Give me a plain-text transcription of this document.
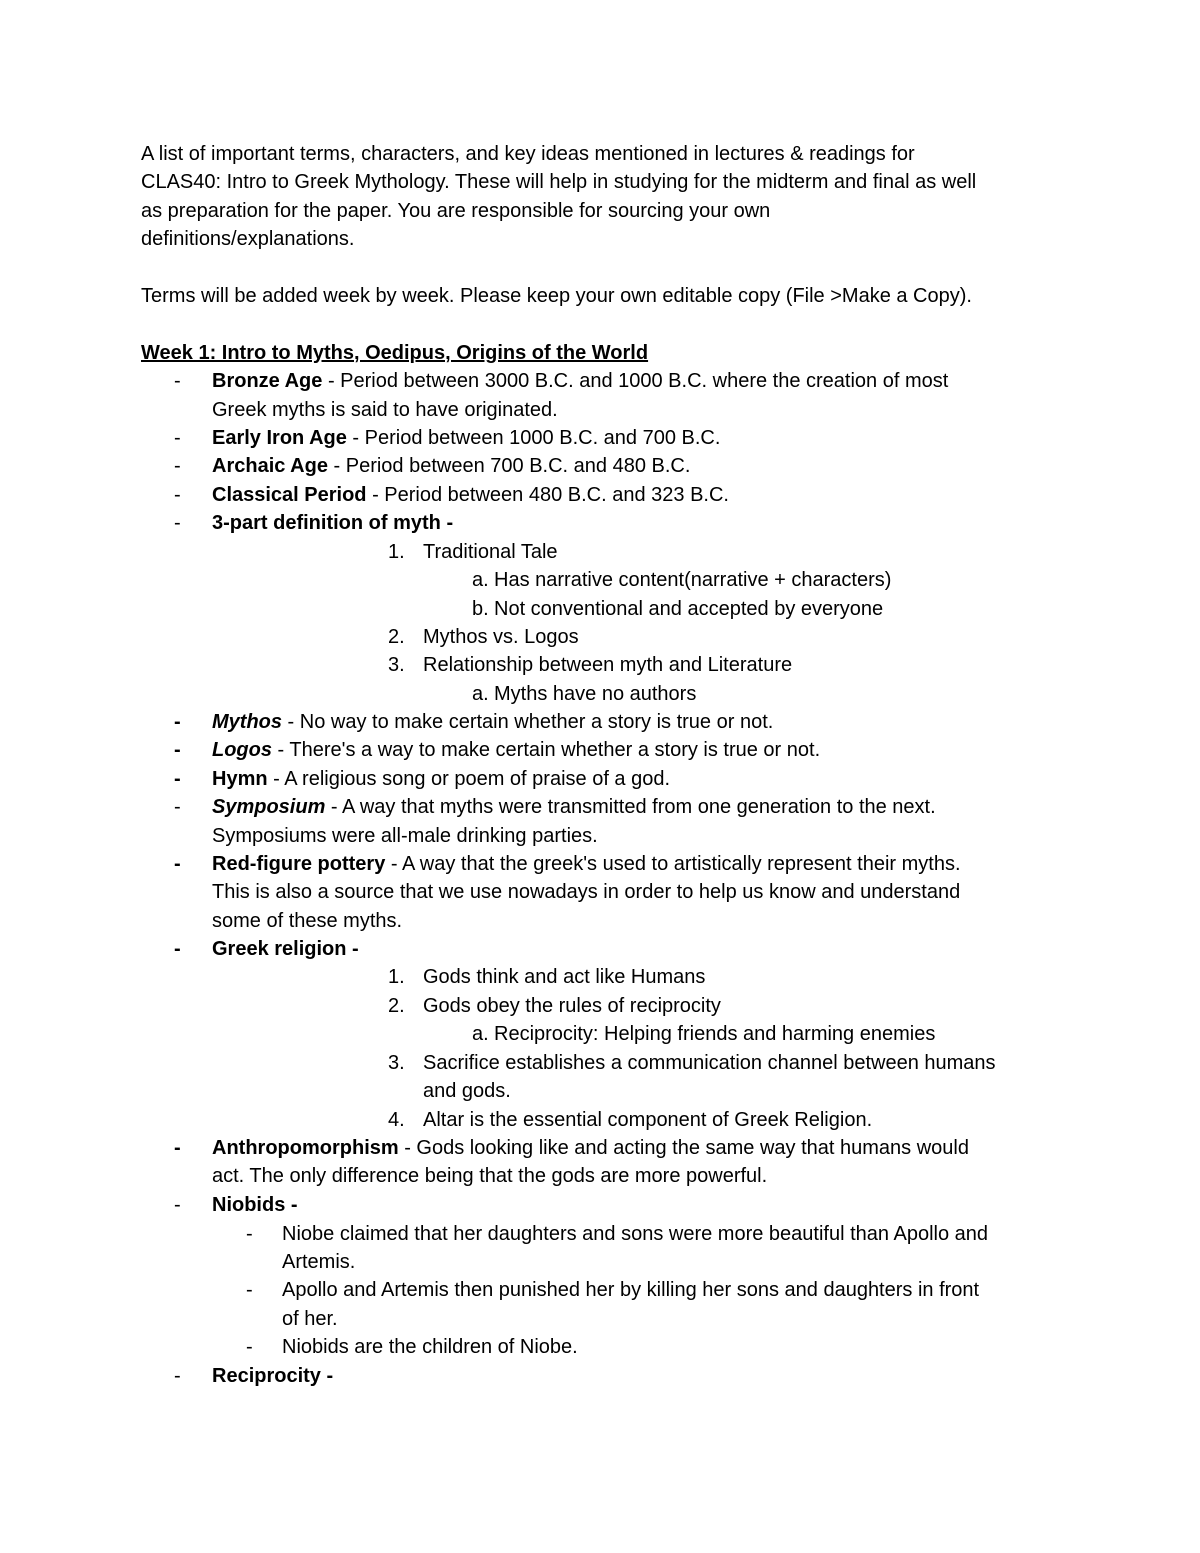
A list of important terms, characters, and key ideas mentioned in lectures & readings for
CLAS40: Intro to Greek Mythology. These will help in studying for the midterm and final as well
as preparation for the paper. You are responsible for sourcing your own
definitions/explanations.
Terms will be added week by week. Please keep your own editable copy (File >Make a Copy).
Week 1: Intro to Myths, Oedipus, Origins of the World
- Bronze Age - Period between 3000 B.C. and 1000 B.C. where the creation of most
Greek myths is said to have originated.
- Early Iron Age - Period between 1000 B.C. and 700 B.C.
- Archaic Age - Period between 700 B.C. and 480 B.C.
- Classical Period - Period between 480 B.C. and 323 B.C.
- 3-part definition of myth -
1. Traditional Tale
a. Has narrative content(narrative + characters)
b. Not conventional and accepted by everyone
2. Mythos vs. Logos
3. Relationship between myth and Literature
a. Myths have no authors
- Mythos - No way to make certain whether a story is true or not.
- Logos - There's a way to make certain whether a story is true or not.
- Hymn - A religious song or poem of praise of a god.
- Symposium - A way that myths were transmitted from one generation to the next.
Symposiums were all-male drinking parties.
- Red-figure pottery - A way that the greek's used to artistically represent their myths.
This is also a source that we use nowadays in order to help us know and understand
some of these myths.
- Greek religion -
1. Gods think and act like Humans
2. Gods obey the rules of reciprocity
a. Reciprocity: Helping friends and harming enemies
3. Sacrifice establishes a communication channel between humans
and gods.
4. Altar is the essential component of Greek Religion.
- Anthropomorphism - Gods looking like and acting the same way that humans would
act. The only difference being that the gods are more powerful.
- Niobids -
- Niobe claimed that her daughters and sons were more beautiful than Apollo and
Artemis.
- Apollo and Artemis then punished her by killing her sons and daughters in front
of her.
- Niobids are the children of Niobe.
- Reciprocity -
